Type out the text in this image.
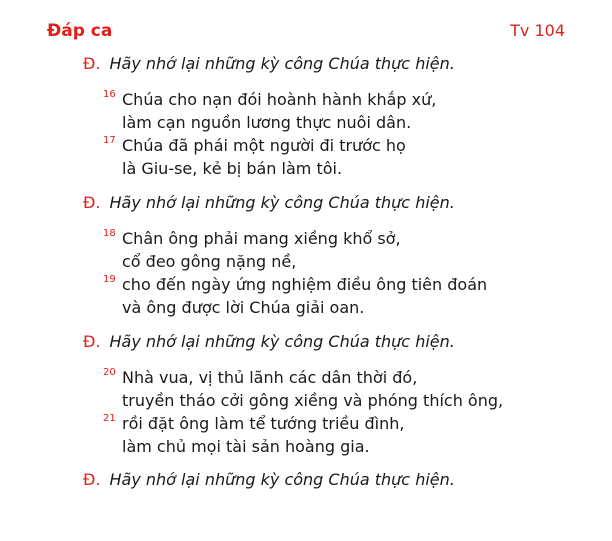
Đáp ca	Tv 104
Đ. Hãy nhớ lại những kỳ công Chúa thực hiện.
16 Chúa cho nạn đói hoành hành khắp xứ,
làm cạn nguồn lương thực nuôi dân.
17 Chúa đã phái một người đi trước họ
là Giu-se, kẻ bị bán làm tôi.
Đ. Hãy nhớ lại những kỳ công Chúa thực hiện.
18 Chân ông phải mang xiềng khổ sở,
cổ đeo gông nặng nề,
19 cho đến ngày ứng nghiệm điều ông tiên đoán
và ông được lời Chúa giải oan.
Đ. Hãy nhớ lại những kỳ công Chúa thực hiện.
20 Nhà vua, vị thủ lãnh các dân thời đó,
truyền tháo cởi gông xiềng và phóng thích ông,
21 rồi đặt ông làm tể tướng triều đình,
làm chủ mọi tài sản hoàng gia.
Đ. Hãy nhớ lại những kỳ công Chúa thực hiện.
